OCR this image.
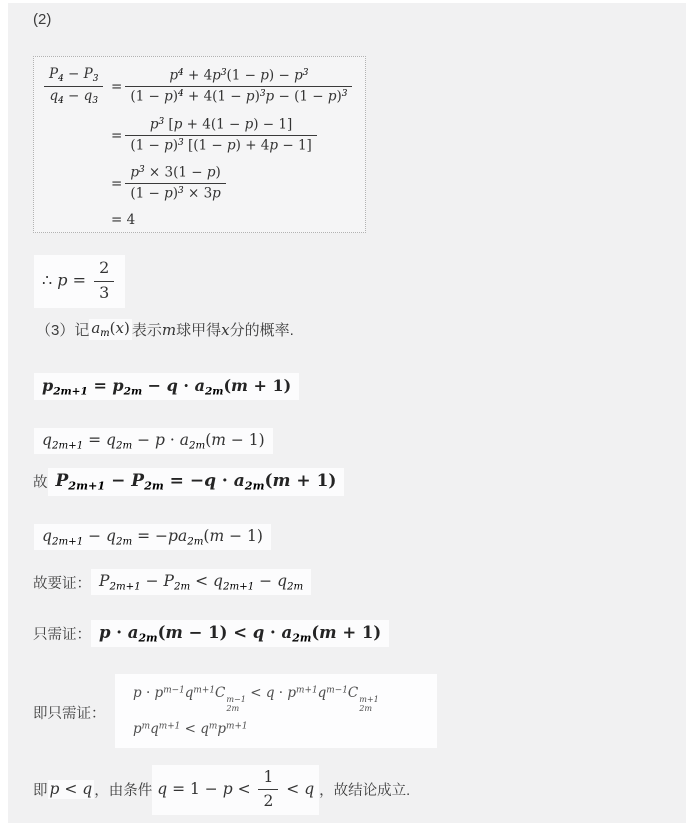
(2)
$\frac{P_4 - P_3}{q_4 - q_3} = \frac{p^4 + 4p^3(1 - p) - p^3}{(1 - p)^4 + 4(1 - p)^3p - (1 - p)^3}$
= $\frac{p^3 [p + 4(1 - p) - 1]}{(1 - p)^3 [(1 - p) + 4p - 1]}$
= $\frac{p^3 \times 3(1 - p)}{(1 - p)^3 \times 3p}$
= 4
∴ $p = \frac{2}{3}$
（3）记 $a_m(x)$ 表示m球甲得x分的概率.
$p_{2m+1} = p_{2m} - q \cdot a_{2m}(m + 1)$
$q_{2m+1} = q_{2m} - p \cdot a_{2m}(m - 1)$
故 $P_{2m+1} - P_{2m} = -q \cdot a_{2m}(m + 1)$
$q_{2m+1} - q_{2m} = -pa_{2m}(m - 1)$
故要证： $P_{2m+1} - P_{2m} < q_{2m+1} - q_{2m}$
只需证： $p \cdot a_{2m}(m - 1) < q \cdot a_{2m}(m + 1)$
即只需证：
$p \cdot p^{m-1}q^{m+1}C$ m−1
2m
< $q \cdot p^{m+1}q^{m-1}C$ m+1
2m
$p^mq^{m+1} < q^mp^{m+1}$
即 p < q ，由条件 $q = 1 - p < \frac{1}{2} < q$ ，故结论成立.
